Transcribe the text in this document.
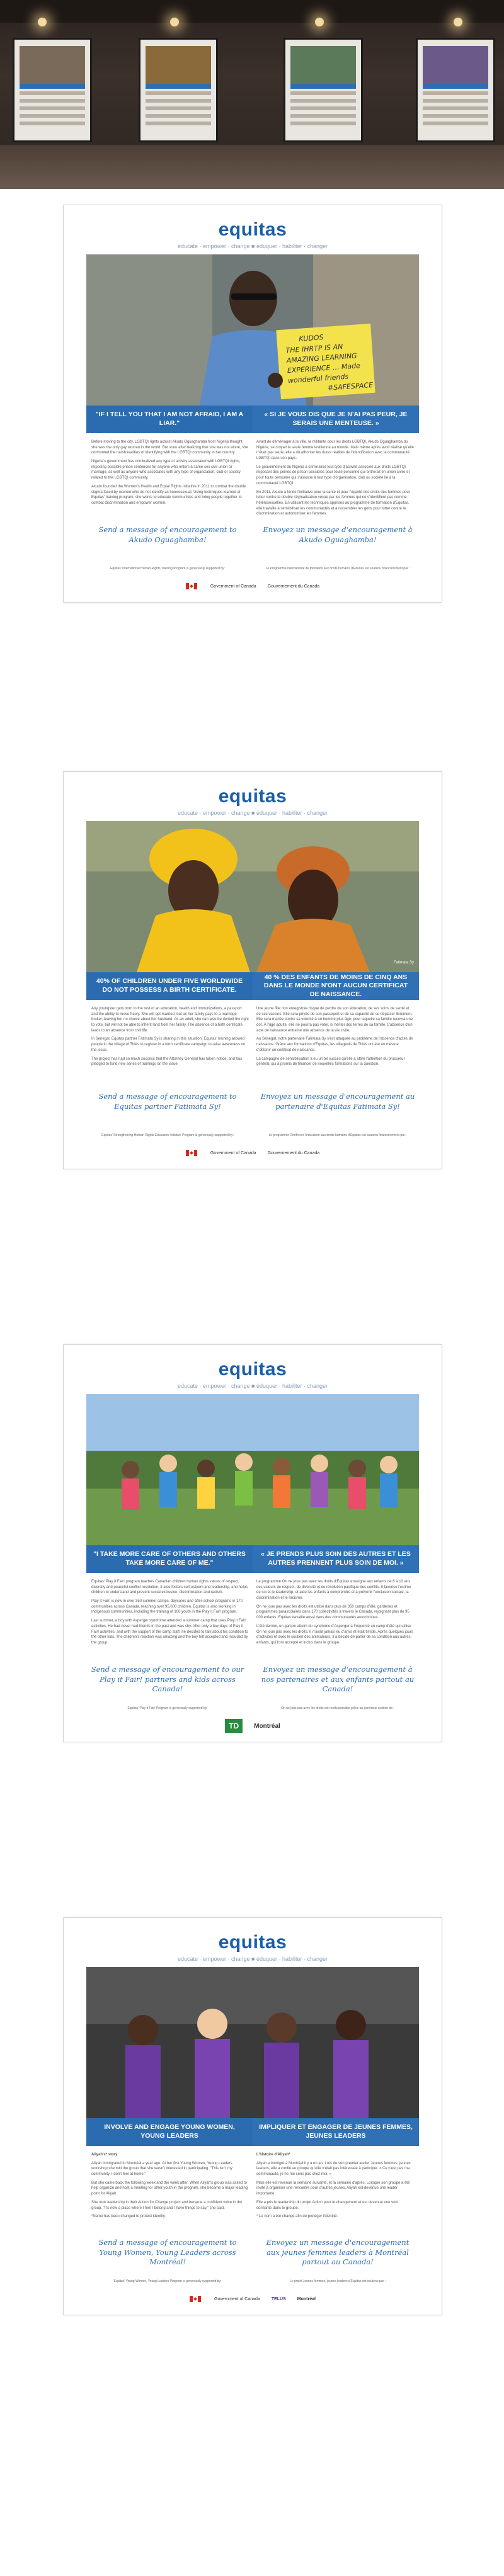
equitas
educate · empower · change ■ éduquer · habiliter · changer
KUDOS
THE IHRTP IS AN
AMAZING LEARNING
EXPERIENCE ... Made
wonderful friends
#SAFESPACE
"IF I TELL YOU THAT I AM NOT AFRAID, I AM A LIAR."
« SI JE VOUS DIS QUE JE N'AI PAS PEUR, JE SERAIS UNE MENTEUSE. »

Before moving to the city, LGBTQI rights activist Akudo Oguaghamba from Nigeria thought she was the only gay woman in the world. But soon after realizing that she was not alone, she confronted the harsh realities of identifying with the LGBTQI community in her country.

Nigeria's government has criminalized any type of activity associated with LGBTQI rights, imposing possible prison sentences for anyone who enters a same-sex civil union or marriage, as well as anyone who associates with any type of organization, club or society related to the LGBTQI community.

Akudo founded the Women's Health and Equal Rights Initiative in 2011 to combat the double stigma faced by women who do not identify as heterosexual. Using techniques learned at Equitas' training program, she works to educate communities and bring people together to combat discrimination and empower women.

Avant de déménager à la ville, la militante pour les droits LGBTQI, Akudo Oguaghamba du Nigéria, se croyait la seule femme lesbienne au monde. Mais même après avoir réalisé qu'elle n'était pas seule, elle a dû affronter les dures réalités de l'identification avec la communauté LGBTQI dans son pays.

Le gouvernement du Nigéria a criminalisé tout type d'activité associée aux droits LGBTQI, imposant des peines de prison possibles pour toute personne qui entrerait en union civile et pour toute personne qui s'associe à tout type d'organisation, club ou société lié à la communauté LGBTQI.

En 2011, Akudo a fondé l'initiative pour la santé et pour l'égalité des droits des femmes pour lutter contre la double stigmatisation vécue par les femmes qui ne s'identifient pas comme hétérosexuelles. En utilisant les techniques apprises au programme de formation d'Equitas, elle travaille à sensibiliser les communautés et à rassembler les gens pour lutter contre la discrimination et autonomiser les femmes.

Send a message of encouragement to Akudo Oguaghamba!
Envoyez un message d'encouragement à Akudo Oguaghamba!
Equitas' International Human Rights Training Program is generously supported by:	Le Programme international de formation aux droits humains d'Equitas est soutenu financièrement par :
Government of Canada	Gouvernement du Canada
equitas
educate · empower · change ■ éduquer · habiliter · changer
Fatimata Sy
40% OF CHILDREN UNDER FIVE WORLDWIDE DO NOT POSSESS A BIRTH CERTIFICATE.
40 % DES ENFANTS DE MOINS DE CINQ ANS DANS LE MONDE N'ONT AUCUN CERTIFICAT DE NAISSANCE.

Any youngster gets born to the rest of an education, health and immunizations, a passport and the ability to move freely. She will get married, but as her family pays to a marriage broker, leaving her no choice about her husband. As an adult, she can also be denied the right to vote, but will not be able to inherit land from her family. The absence of a birth certificate leads to an absence from civil life.

In Senegal, Equitas partner Fatimata Sy is sharing in this situation. Equitas' training allowed people in the village of Thiès to register in a birth certificate campaign to raise awareness on the issue.

The project has had so much success that the Attorney General has taken notice, and has pledged to fund new series of trainings on the issue.

Une jeune fille non enregistrée risque de perdre de son éducation, de ses soins de santé et de ses vaccins. Elle sera privée de son passeport et de sa capacité de se déplacer librement. Elle sera mariée contre sa volonté à un homme plus âgé, pour laquelle sa famille recevra une dot. À l'âge adulte, elle ne pourra pas voter, ni hériter des terres de sa famille. L'absence d'un acte de naissance entraîne une absence de la vie civile.

Au Sénégal, notre partenaire Fatimata Sy s'est attaquée au problème de l'absence d'actes de naissance. Grâce aux formations d'Equitas, les villageois de Thiès ont été en mesure d'obtenir un certificat de naissance.

La campagne de sensibilisation a eu un tel succès qu'elle a attiré l'attention du procureur général, qui a promis de financer de nouvelles formations sur la question.

Send a message of encouragement to Equitas partner Fatimata Sy!
Envoyez un message d'encouragement au partenaire d'Equitas Fatimata Sy!
Equitas' Strengthening Human Rights Education Initiative Program is generously supported by:	Le programme Renforcer l'éducation aux droits humains d'Equitas est soutenu financièrement par :
Government of Canada	Gouvernement du Canada
equitas
educate · empower · change ■ éduquer · habiliter · changer
"I TAKE MORE CARE OF OTHERS AND OTHERS TAKE MORE CARE OF ME."
« JE PRENDS PLUS SOIN DES AUTRES ET LES AUTRES PRENNENT PLUS SOIN DE MOI. »

Equitas' Play it Fair! program teaches Canadian children human rights values of respect, diversity and peaceful conflict resolution. It also fosters self-esteem and leadership, and helps children to understand and prevent social exclusion, discrimination and racism.

Play it Fair! is now in over 350 summer camps, daycares and after-school programs in 170 communities across Canada, reaching over 95,000 children. Equitas is also working in Indigenous communities, including the training of 100 youth in the Play it Fair! program.

Last summer, a boy with Asperger syndrome attended a summer camp that uses Play it Fair! activities. He had never had friends in the past and was shy. After only a few days of Play it Fair! activities, and with the support of the camp staff, he decided to talk about his condition to the other kids. The children's reaction was amazing and the boy felt accepted and included by the group.

Le programme On ne joue pas avec les droits d'Equitas enseigne aux enfants de 6 à 12 ans des valeurs de respect, de diversité et de résolution pacifique des conflits. Il favorise l'estime de soi et le leadership, et aide les enfants à comprendre et à prévenir l'exclusion sociale, la discrimination et le racisme.

On ne joue pas avec les droits est utilisé dans plus de 350 camps d'été, garderies et programmes parascolaires dans 170 collectivités à travers le Canada, rejoignant plus de 95 000 enfants. Equitas travaille aussi dans des communautés autochtones.

L'été dernier, un garçon atteint du syndrome d'Asperger a fréquenté un camp d'été qui utilise On ne joue pas avec les droits. Il n'avait jamais eu d'amis et était timide. Après quelques jours d'activités et avec le soutien des animateurs, il a décidé de parler de sa condition aux autres enfants, qui l'ont accepté et inclus dans le groupe.

Send a message of encouragement to our Play it Fair! partners and kids across Canada!
Envoyez un message d'encouragement à nos partenaires et aux enfants partout au Canada!
Equitas' Play it Fair! Program is generously supported by:	On ne joue pas avec les droits est rendu possible grâce au généreux soutien de :
TD	Montréal
equitas
educate · empower · change ■ éduquer · habiliter · changer
INVOLVE AND ENGAGE YOUNG WOMEN, YOUNG LEADERS
IMPLIQUER ET ENGAGER DE JEUNES FEMMES, JEUNES LEADERS

Aliyah's* story

Aliyah immigrated to Montréal a year ago. At her first Young Women, Young Leaders workshop she told the group that she wasn't interested in participating. "This isn't my community, I don't feel at home."

But she came back the following week and the week after. When Aliyah's group was asked to help organize and host a meeting for other youth in the program, she became a major leading point for Aliyah.

She took leadership in their Action for Change project and became a confident voice in the group. "It's now a place where I feel I belong and I have things to say," she said.

*Name has been changed to protect identity.

L'histoire d'Aliyah*

Aliyah a immigré à Montréal il y a un an. Lors de son premier atelier Jeunes femmes, jeunes leaders, elle a confié au groupe qu'elle n'était pas intéressée à participer. « Ce n'est pas ma communauté, je ne me sens pas chez moi. »

Mais elle est revenue la semaine suivante, et la semaine d'après. Lorsque son groupe a été invité à organiser une rencontre pour d'autres jeunes, Aliyah est devenue une leader importante.

Elle a pris le leadership du projet Action pour le changement et est devenue une voix confiante dans le groupe.

* Le nom a été changé afin de protéger l'identité.

Send a message of encouragement to Young Women, Young Leaders across Montréal!
Envoyez un message d'encouragement aux jeunes femmes leaders à Montréal partout au Canada!
Equitas' Young Women, Young Leaders Program is generously supported by:	Le projet Jeunes femmes, jeunes leaders d'Equitas est soutenu par :
Government of Canada	TELUS	Montréal
